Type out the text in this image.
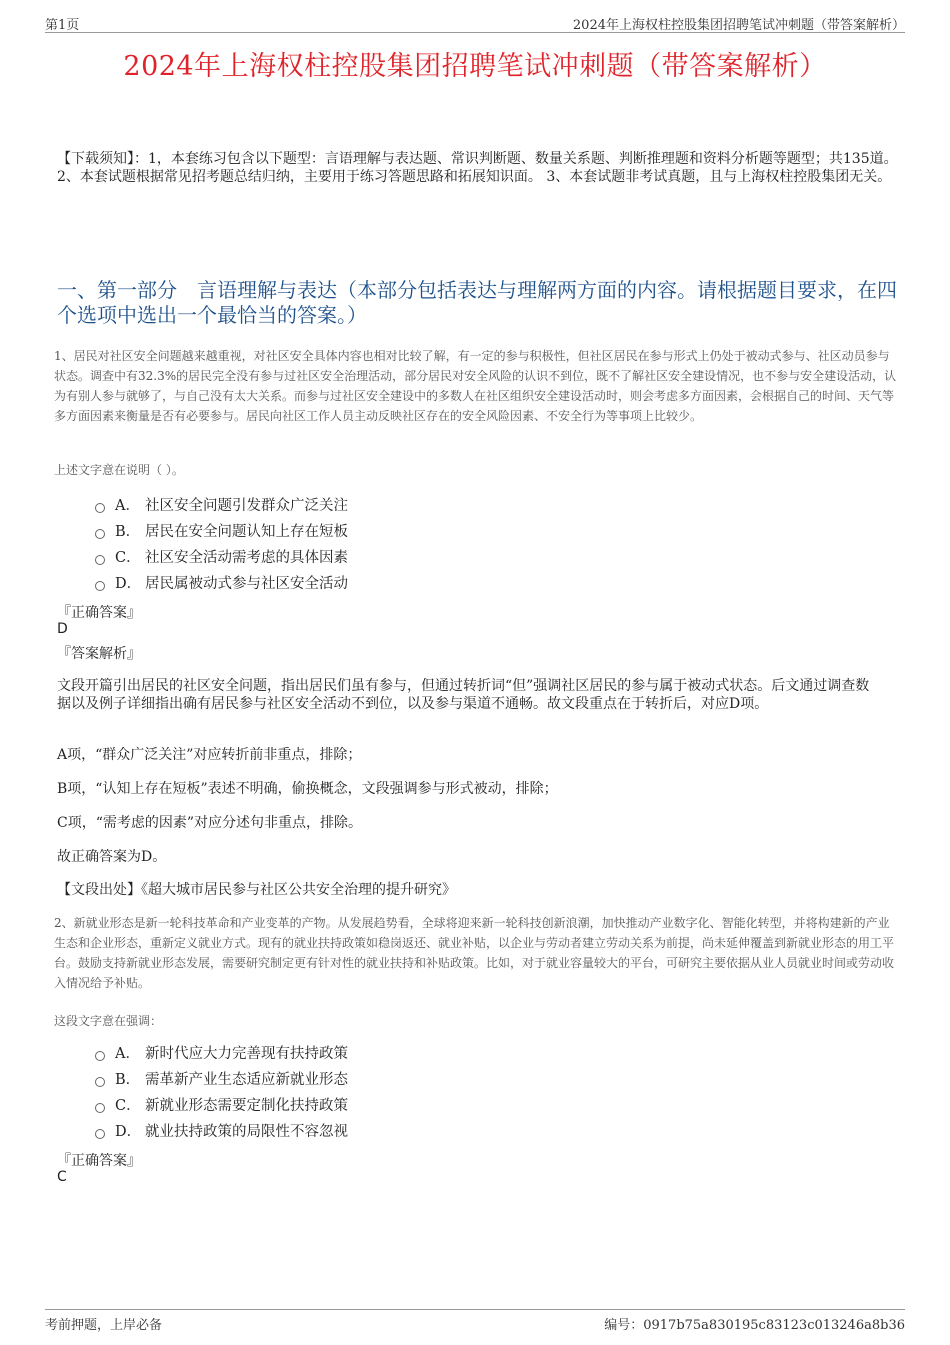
第1页	2024年上海权柱控股集团招聘笔试冲刺题（带答案解析）
2024年上海权柱控股集团招聘笔试冲刺题（带答案解析）
【下载须知】：1，本套练习包含以下题型：言语理解与表达题、常识判断题、数量关系题、判断推理题和资料分析题等题型；共135道。 2、本套试题根据常见招考题总结归纳，主要用于练习答题思路和拓展知识面。 3、本套试题非考试真题，且与上海权柱控股集团无关。
一、第一部分　言语理解与表达（本部分包括表达与理解两方面的内容。请根据题目要求，在四个选项中选出一个最恰当的答案。）
1、居民对社区安全问题越来越重视，对社区安全具体内容也相对比较了解，有一定的参与积极性，但社区居民在参与形式上仍处于被动式参与、社区动员参与状态。调查中有32.3%的居民完全没有参与过社区安全治理活动，部分居民对安全风险的认识不到位，既不了解社区安全建设情况，也不参与安全建设活动，认为有别人参与就够了，与自己没有太大关系。而参与过社区安全建设中的多数人在社区组织安全建设活动时，则会考虑多方面因素，会根据自己的时间、天气等多方面因素来衡量是否有必要参与。居民向社区工作人员主动反映社区存在的安全风险因素、不安全行为等事项上比较少。
上述文字意在说明（ ）。
A． 社区安全问题引发群众广泛关注
B． 居民在安全问题认知上存在短板
C． 社区安全活动需考虑的具体因素
D． 居民属被动式参与社区安全活动
『正确答案』
D
『答案解析』
文段开篇引出居民的社区安全问题，指出居民们虽有参与，但通过转折词“但”强调社区居民的参与属于被动式状态。后文通过调查数据以及例子详细指出确有居民参与社区安全活动不到位，以及参与渠道不通畅。故文段重点在于转折后，对应D项。
A项，“群众广泛关注”对应转折前非重点，排除；
B项，“认知上存在短板”表述不明确，偷换概念，文段强调参与形式被动，排除；
C项，“需考虑的因素”对应分述句非重点，排除。
故正确答案为D。
【文段出处】《超大城市居民参与社区公共安全治理的提升研究》
2、新就业形态是新一轮科技革命和产业变革的产物。从发展趋势看，全球将迎来新一轮科技创新浪潮，加快推动产业数字化、智能化转型，并将构建新的产业生态和企业形态，重新定义就业方式。现有的就业扶持政策如稳岗返还、就业补贴，以企业与劳动者建立劳动关系为前提，尚未延伸覆盖到新就业形态的用工平台。鼓励支持新就业形态发展，需要研究制定更有针对性的就业扶持和补贴政策。比如，对于就业容量较大的平台，可研究主要依据从业人员就业时间或劳动收入情况给予补贴。
这段文字意在强调：
A． 新时代应大力完善现有扶持政策
B． 需革新产业生态适应新就业形态
C． 新就业形态需要定制化扶持政策
D． 就业扶持政策的局限性不容忽视
『正确答案』
C
考前押题，上岸必备	编号：0917b75a830195c83123c013246a8b36
